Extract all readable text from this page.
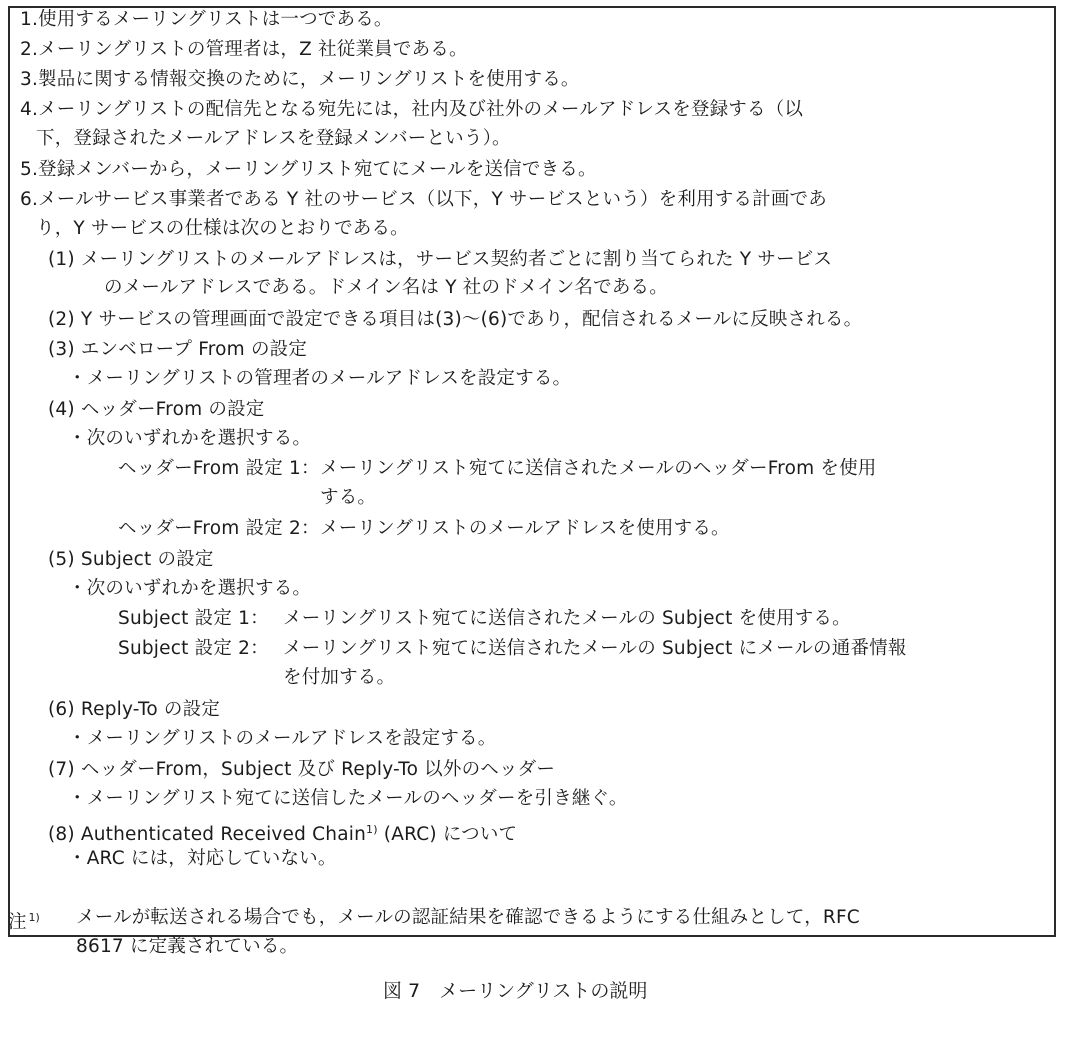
1.使用するメーリングリストは一つである。
2.メーリングリストの管理者は，Z 社従業員である。
3.製品に関する情報交換のために，メーリングリストを使用する。
4.メーリングリストの配信先となる宛先には，社内及び社外のメールアドレスを登録する（以
下，登録されたメールアドレスを登録メンバーという）。
5.登録メンバーから，メーリングリスト宛てにメールを送信できる。
6.メールサービス事業者である Y 社のサービス（以下，Y サービスという）を利用する計画であ
り，Y サービスの仕様は次のとおりである。
(1) メーリングリストのメールアドレスは，サービス契約者ごとに割り当てられた Y サービス
のメールアドレスである。ドメイン名は Y 社のドメイン名である。
(2) Y サービスの管理画面で設定できる項目は(3)～(6)であり，配信されるメールに反映される。
(3) エンベロープ From の設定
・メーリングリストの管理者のメールアドレスを設定する。
(4) ヘッダーFrom の設定
・次のいずれかを選択する。
ヘッダーFrom 設定 1： メーリングリスト宛てに送信されたメールのヘッダーFrom を使用
する。
ヘッダーFrom 設定 2： メーリングリストのメールアドレスを使用する。
(5) Subject の設定
・次のいずれかを選択する。
Subject 設定 1： メーリングリスト宛てに送信されたメールの Subject を使用する。
Subject 設定 2： メーリングリスト宛てに送信されたメールの Subject にメールの通番情報
を付加する。
(6) Reply-To の設定
・メーリングリストのメールアドレスを設定する。
(7) ヘッダーFrom，Subject 及び Reply-To 以外のヘッダー
・メーリングリスト宛てに送信したメールのヘッダーを引き継ぐ。
(8) Authenticated Received Chain$^{1)}$ (ARC) について
・ARC には，対応していない。
注 $^{1)}$ メールが転送される場合でも，メールの認証結果を確認できるようにする仕組みとして，RFC
8617 に定義されている。
図 7　メーリングリストの説明
